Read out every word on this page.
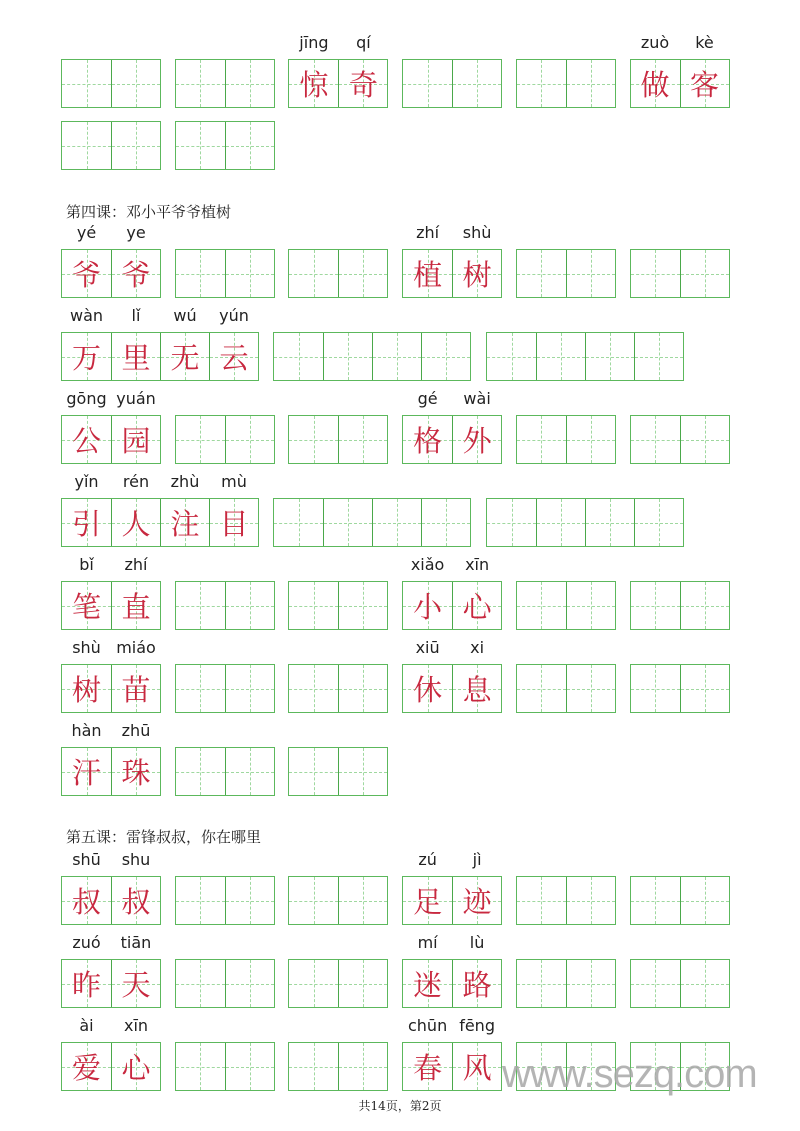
第四课：邓小平爷爷植树
第五课：雷锋叔叔，你在哪里
惊
jīng
奇
qí
做
zuò
客
kè
爷
yé
爷
ye
植
zhí
树
shù
万
wàn
里
lǐ
无
wú
云
yún
公
gōng
园
yuán
格
gé
外
wài
引
yǐn
人
rén
注
zhù
目
mù
笔
bǐ
直
zhí
小
xiǎo
心
xīn
树
shù
苗
miáo
休
xiū
息
xi
汗
hàn
珠
zhū
叔
shū
叔
shu
足
zú
迹
jì
昨
zuó
天
tiān
迷
mí
路
lù
爱
ài
心
xīn
春
chūn
风
fēng
共14页，第2页
www.sezq.com
